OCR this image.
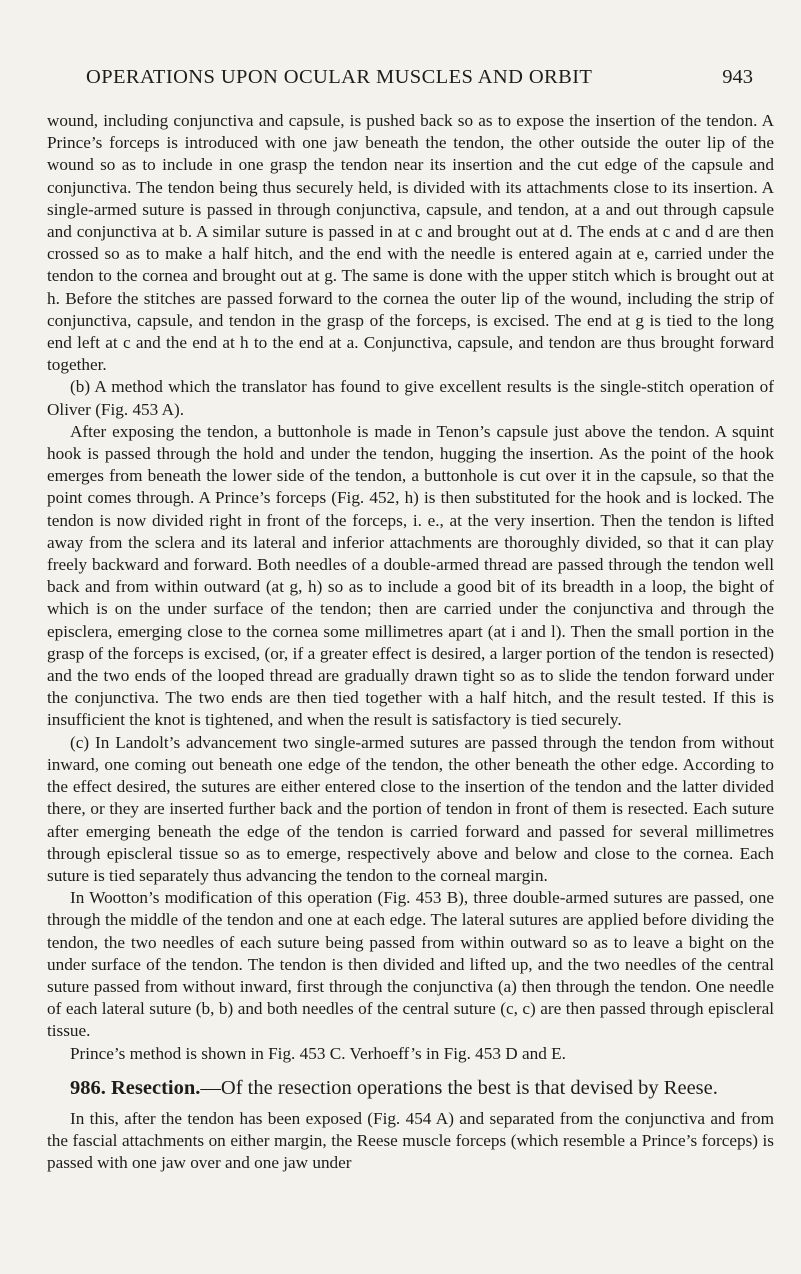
OPERATIONS UPON OCULAR MUSCLES AND ORBIT	943

wound, including conjunctiva and capsule, is pushed back so as to expose the insertion of the tendon. A Prince’s forceps is introduced with one jaw beneath the tendon, the other outside the outer lip of the wound so as to include in one grasp the tendon near its insertion and the cut edge of the capsule and conjunctiva. The tendon being thus securely held, is divided with its attachments close to its insertion. A single-armed suture is passed in through conjunctiva, capsule, and tendon, at a and out through capsule and conjunctiva at b. A similar suture is passed in at c and brought out at d. The ends at c and d are then crossed so as to make a half hitch, and the end with the needle is entered again at e, carried under the tendon to the cornea and brought out at g. The same is done with the upper stitch which is brought out at h. Before the stitches are passed forward to the cornea the outer lip of the wound, including the strip of conjunctiva, capsule, and tendon in the grasp of the forceps, is excised. The end at g is tied to the long end left at c and the end at h to the end at a. Conjunctiva, capsule, and tendon are thus brought forward together.

(b) A method which the translator has found to give excellent results is the single-stitch operation of Oliver (Fig. 453 A).

After exposing the tendon, a buttonhole is made in Tenon’s capsule just above the tendon. A squint hook is passed through the hold and under the tendon, hugging the insertion. As the point of the hook emerges from beneath the lower side of the tendon, a buttonhole is cut over it in the capsule, so that the point comes through. A Prince’s forceps (Fig. 452, h) is then substituted for the hook and is locked. The tendon is now divided right in front of the forceps, i. e., at the very insertion. Then the tendon is lifted away from the sclera and its lateral and inferior attachments are thoroughly divided, so that it can play freely backward and forward. Both needles of a double-armed thread are passed through the tendon well back and from within outward (at g, h) so as to include a good bit of its breadth in a loop, the bight of which is on the under surface of the tendon; then are carried under the conjunctiva and through the episclera, emerging close to the cornea some millimetres apart (at i and l). Then the small portion in the grasp of the forceps is excised, (or, if a greater effect is desired, a larger portion of the tendon is resected) and the two ends of the looped thread are gradually drawn tight so as to slide the tendon forward under the conjunctiva. The two ends are then tied together with a half hitch, and the result tested. If this is insufficient the knot is tightened, and when the result is satisfactory is tied securely.

(c) In Landolt’s advancement two single-armed sutures are passed through the tendon from without inward, one coming out beneath one edge of the tendon, the other beneath the other edge. According to the effect desired, the sutures are either entered close to the insertion of the tendon and the latter divided there, or they are inserted further back and the portion of tendon in front of them is resected. Each suture after emerging beneath the edge of the tendon is carried forward and passed for several millimetres through episcleral tissue so as to emerge, respectively above and below and close to the cornea. Each suture is tied separately thus advancing the tendon to the corneal margin.

In Wootton’s modification of this operation (Fig. 453 B), three double-armed sutures are passed, one through the middle of the tendon and one at each edge. The lateral sutures are applied before dividing the tendon, the two needles of each suture being passed from within outward so as to leave a bight on the under surface of the tendon. The tendon is then divided and lifted up, and the two needles of the central suture passed from without inward, first through the conjunctiva (a) then through the tendon. One needle of each lateral suture (b, b) and both needles of the central suture (c, c) are then passed through episcleral tissue.

Prince’s method is shown in Fig. 453 C. Verhoeff’s in Fig. 453 D and E.

986. Resection.—Of the resection operations the best is that devised by Reese.

In this, after the tendon has been exposed (Fig. 454 A) and separated from the conjunctiva and from the fascial attachments on either margin, the Reese muscle forceps (which resemble a Prince’s forceps) is passed with one jaw over and one jaw under
